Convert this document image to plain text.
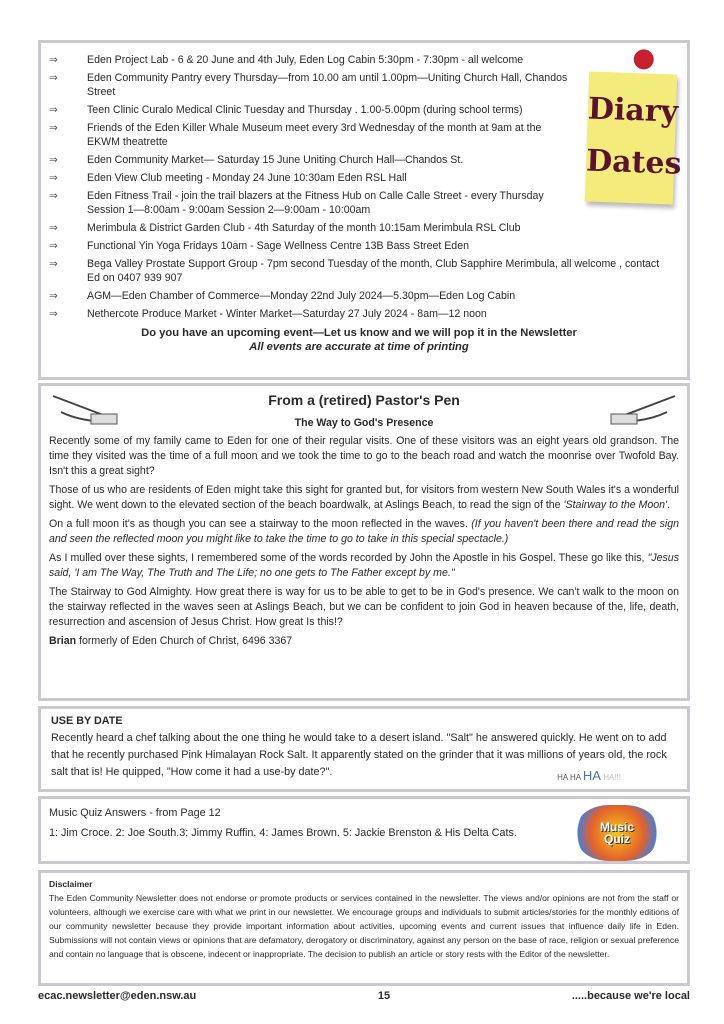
⇒	Eden Project Lab - 6 & 20 June and 4th July, Eden Log Cabin 5:30pm - 7:30pm - all welcome
⇒	Eden Community Pantry every Thursday—from 10.00 am until 1.00pm—Uniting Church Hall, Chandos Street
⇒	Teen Clinic Curalo Medical Clinic Tuesday and Thursday . 1.00-5.00pm (during school terms)
⇒	Friends of the Eden Killer Whale Museum meet every 3rd Wednesday of the month at 9am at the EKWM theatrette
⇒	Eden Community Market— Saturday 15 June Uniting Church Hall—Chandos St.
⇒	Eden View Club meeting - Monday 24 June 10:30am Eden RSL Hall
⇒	Eden Fitness Trail - join the trail blazers at the Fitness Hub on Calle Calle Street - every Thursday Session 1—8:00am - 9:00am Session 2—9:00am - 10:00am
⇒	Merimbula & District Garden Club - 4th Saturday of the month 10:15am Merimbula RSL Club
⇒	Functional Yin Yoga Fridays 10am - Sage Wellness Centre 13B Bass Street Eden
⇒	Bega Valley Prostate Support Group - 7pm second Tuesday of the month, Club Sapphire Merimbula, all welcome , contact Ed on 0407 939 907
⇒	AGM—Eden Chamber of Commerce—Monday 22nd July 2024—5.30pm—Eden Log Cabin
⇒	Nethercote Produce Market - Winter Market—Saturday 27 July 2024 - 8am—12 noon
Do you have an upcoming event—Let us know and we will pop it in the Newsletter
All events are accurate at time of printing
Diary
Dates
From a (retired) Pastor's Pen
The Way to God's Presence

Recently some of my family came to Eden for one of their regular visits. One of these visitors was an eight years old grandson. The time they visited was the time of a full moon and we took the time to go to the beach road and watch the moonrise over Twofold Bay. Isn't this a great sight?

Those of us who are residents of Eden might take this sight for granted but, for visitors from western New South Wales it's a wonderful sight. We went down to the elevated section of the beach boardwalk, at Aslings Beach, to read the sign of the 'Stairway to the Moon'.

On a full moon it's as though you can see a stairway to the moon reflected in the waves. (If you haven't been there and read the sign and seen the reflected moon you might like to take the time to go to take in this special spectacle.)

As I mulled over these sights, I remembered some of the words recorded by John the Apostle in his Gospel. These go like this, "Jesus said, 'I am The Way, The Truth and The Life; no one gets to The Father except by me."

The Stairway to God Almighty. How great there is way for us to be able to get to be in God's presence. We can't walk to the moon on the stairway reflected in the waves seen at Aslings Beach, but we can be confident to join God in heaven because of the, life, death, resurrection and ascension of Jesus Christ. How great Is this!?

Brian formerly of Eden Church of Christ, 6496 3367

USE BY DATE

Recently heard a chef talking about the one thing he would take to a desert island. "Salt" he answered quickly. He went on to add that he recently purchased Pink Himalayan Rock Salt. It apparently stated on the grinder that it was millions of years old, the rock salt that is! He quipped, "How come it had a use-by date?".	HA HA HA HA!!!
Music Quiz Answers - from Page 12
1: Jim Croce. 2: Joe South.3: Jimmy Ruffin. 4: James Brown. 5: Jackie Brenston & His Delta Cats.	Music
Quiz
Disclaimer

The Eden Community Newsletter does not endorse or promote products or services contained in the newsletter. The views and/or opinions are not from the staff or volunteers, although we exercise care with what we print in our newsletter. We encourage groups and individuals to submit articles/stories for the monthly editions of our community newsletter because they provide important information about activities, upcoming events and current issues that influence daily life in Eden. Submissions will not contain views or opinions that are defamatory, derogatory or discriminatory, against any person on the base of race, religion or sexual preference and contain no language that is obscene, indecent or inappropriate. The decision to publish an article or story rests with the Editor of the newsletter.

ecac.newsletter@eden.nsw.au	15	.....because we're local
